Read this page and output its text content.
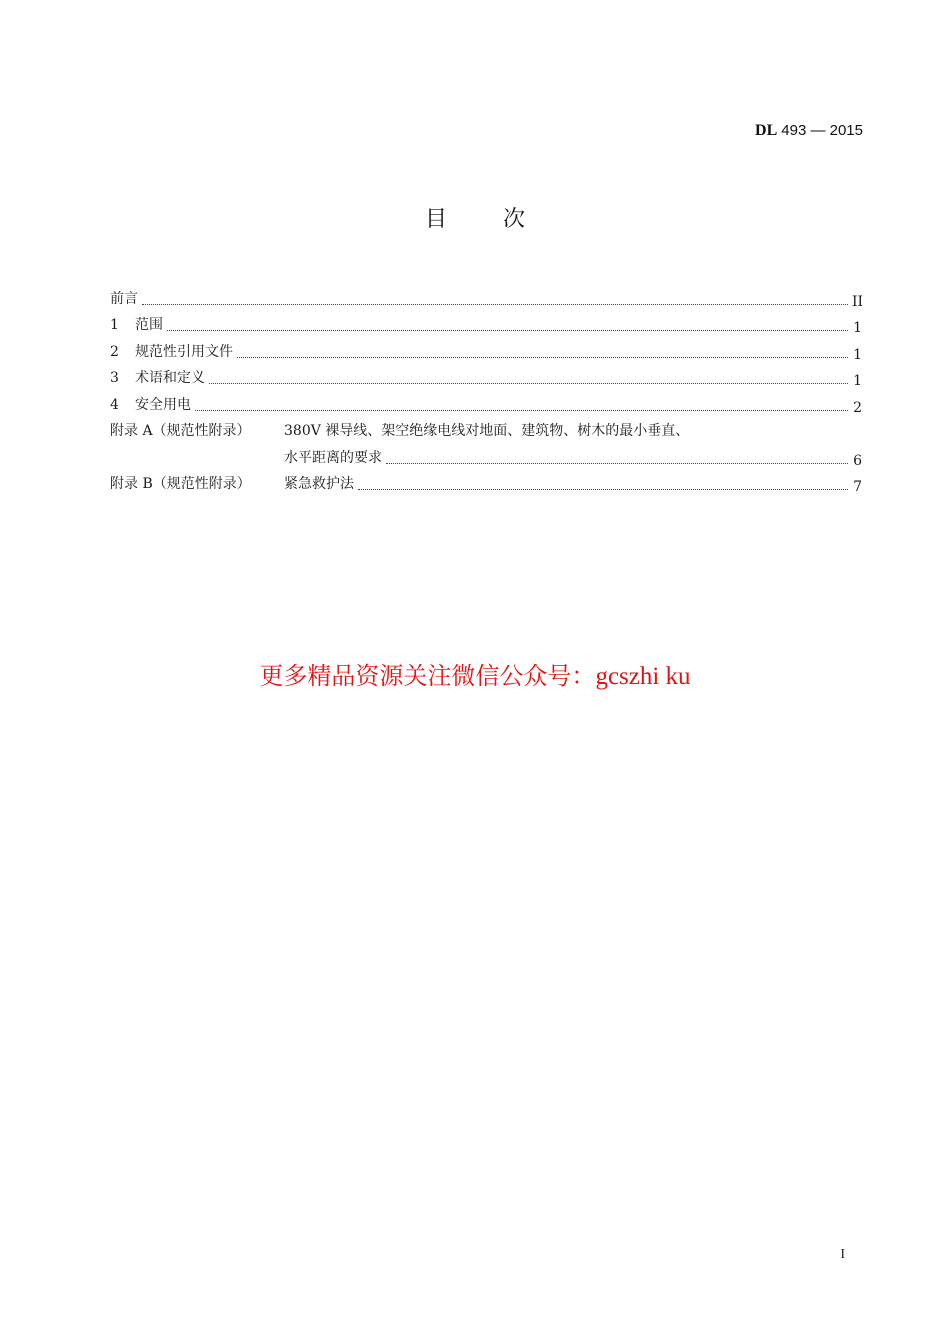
DL 493 — 2015
目次
前言	II
1 范围	1
2 规范性引用文件	1
3 术语和定义	1
4 安全用电	2
附录 A（规范性附录） 380V 裸导线、架空绝缘电线对地面、建筑物、树木的最小垂直、
水平距离的要求	6
附录 B（规范性附录） 紧急救护法	7
更多精品资源关注微信公众号：gcszhi ku
I
